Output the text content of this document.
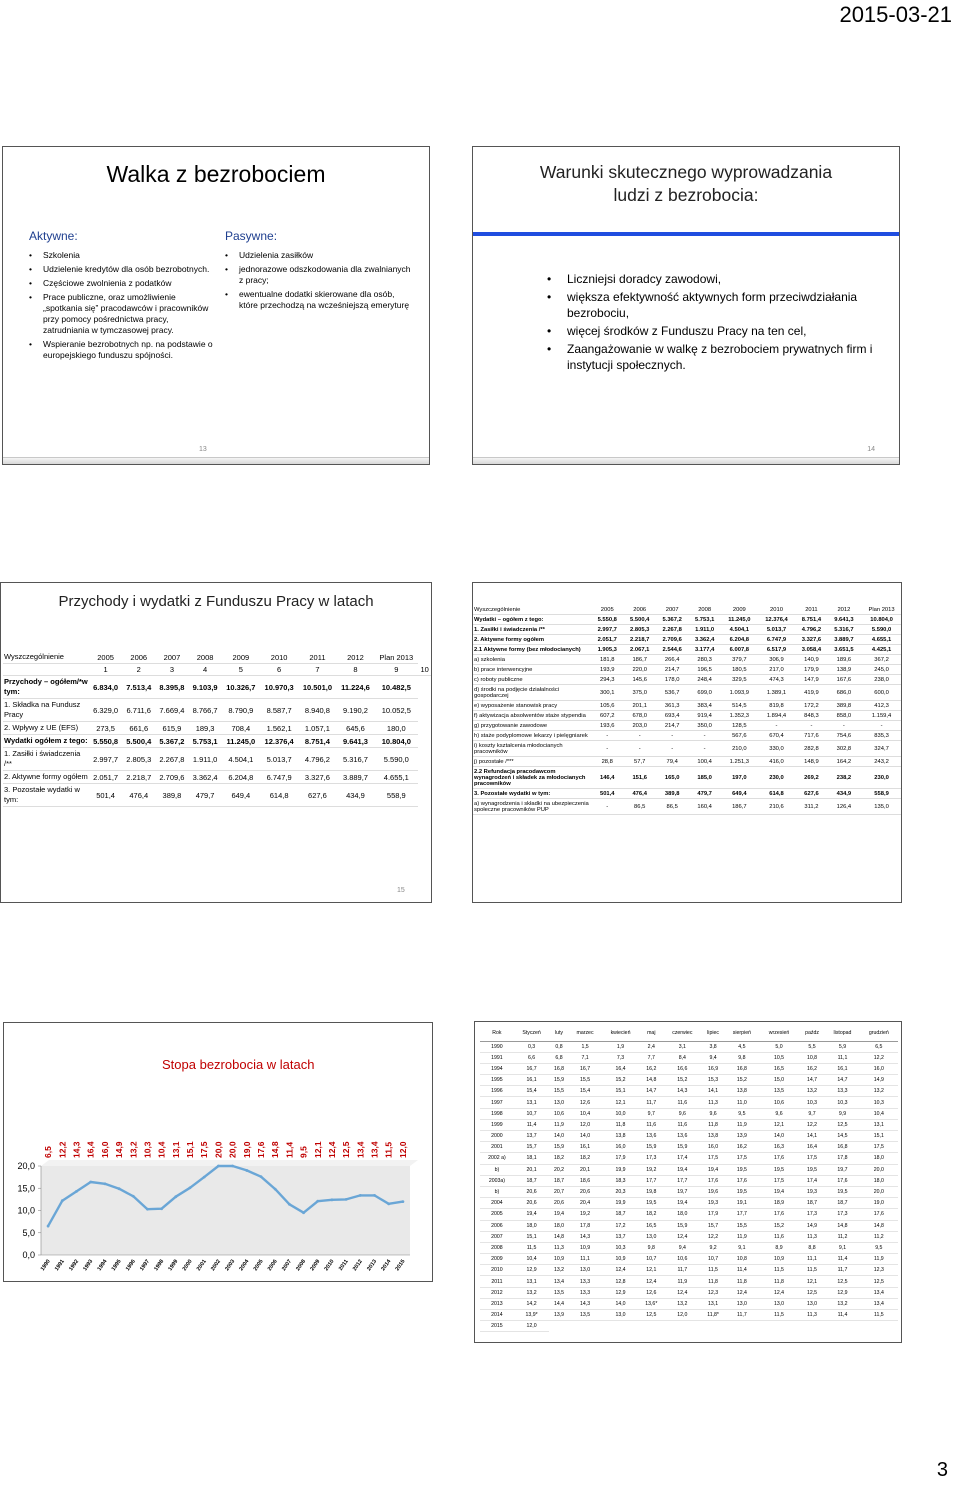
2015-03-21
Walka z bezrobociem
Aktywne:
• Szkolenia
• Udzielenie kredytów dla osób bezrobotnych.
• Częściowe zwolnienia z podatków
• Prace publiczne, oraz umożliwienie „spotkania się” pracodawców i pracowników przy pomocy pośrednictwa pracy, zatrudniania w tymczasowej pracy.
• Wspieranie bezrobotnych np. na podstawie o europejskiego funduszu spójności.
Pasywne:
• Udzielenia zasiłków
• jednorazowe odszkodowania dla zwalnianych z pracy;
• ewentualne dodatki skierowane dla osób, które przechodzą na wcześniejszą emeryturę
13
Warunki skutecznego wyprowadzania
ludzi z bezrobocia:
• Liczniejsi doradcy zawodowi,
• większa efektywność aktywnych form przeciwdziałania bezrobociu,
• więcej środków z Funduszu Pracy na ten cel,
• Zaangażowanie w walkę z bezrobociem prywatnych firm i instytucji społecznych.
14
Przychody i wydatki z Funduszu Pracy w latach
Wyszczególnienie	2005	2006	2007	2008	2009	2010	2011	2012	Plan 2013	
	1	2	3	4	5	6	7	8	9	10
Przychody – ogółem/*w tym:	6.834,0	7.513,4	8.395,8	9.103,9	10.326,7	10.970,3	10.501,0	11.224,6	10.482,5	
1. Składka na Fundusz Pracy	6.329,0	6.711,6	7.669,4	8.766,7	8.790,9	8.587,7	8.940,8	9.190,2	10.052,5	
2. Wpływy z UE (EFS)	273,5	661,6	615,9	189,3	708,4	1.562,1	1.057,1	645,6	180,0	
Wydatki ogółem z tego:	5.550,8	5.500,4	5.367,2	5.753,1	11.245,0	12.376,4	8.751,4	9.641,3	10.804,0	
1. Zasiłki i świadczenia /**	2.997,7	2.805,3	2.267,8	1.911,0	4.504,1	5.013,7	4.796,2	5.316,7	5.590,0	
2. Aktywne formy ogółem	2.051,7	2.218,7	2.709,6	3.362,4	6.204,8	6.747,9	3.327,6	3.889,7	4.655,1	
3. Pozostałe wydatki w tym:	501,4	476,4	389,8	479,7	649,4	614,8	627,6	434,9	558,9	
15
Wyszczególnienie	2005	2006	2007	2008	2009	2010	2011	2012	Plan 2013
Wydatki – ogółem z tego:	5.550,8	5.500,4	5.367,2	5.753,1	11.245,0	12.376,4	8.751,4	9.641,3	10.804,0
1. Zasiłki i świadczenia /**	2.997,7	2.805,3	2.267,8	1.911,0	4.504,1	5.013,7	4.796,2	5.316,7	5.590,0
2. Aktywne formy ogółem	2.051,7	2.218,7	2.709,6	3.362,4	6.204,8	6.747,9	3.327,6	3.889,7	4.655,1
2.1 Aktywne formy (bez młodocianych)	1.905,3	2.067,1	2.544,6	3.177,4	6.007,8	6.517,9	3.058,4	3.651,5	4.425,1
a) szkolenia	181,8	186,7	266,4	280,3	379,7	306,9	140,9	189,6	367,2
b) prace interwencyjne	193,9	220,0	214,7	196,5	180,5	217,0	179,9	138,9	245,0
c) roboty publiczne	294,3	145,6	178,0	248,4	329,5	474,3	147,9	167,6	238,0
d) środki na podjęcie działalności gospodarczej	300,1	375,0	536,7	699,0	1.093,9	1.389,1	419,9	686,0	600,0
e) wyposażenie stanowisk pracy	105,6	201,1	361,3	383,4	514,5	819,8	172,2	389,8	412,3
f) aktywizacja absolwentów staże stypendia	607,2	678,0	693,4	919,4	1.352,3	1.894,4	848,3	858,0	1.159,4
g) przygotowanie zawodowe	193,6	203,0	214,7	350,0	128,5	-	-	-	-
h) staże podyplomowe lekarzy i pielęgniarek	-	-	-	-	567,6	670,4	717,6	754,6	835,3
i) koszty kształcenia młodocianych pracowników	-	-	-	-	210,0	330,0	282,8	302,8	324,7
j) pozostałe /***	28,8	57,7	79,4	100,4	1.251,3	416,0	148,9	164,2	243,2
2.2 Refundacja pracodawcom wynagrodzeń i składek za młodocianych pracowników	146,4	151,6	165,0	185,0	197,0	230,0	269,2	238,2	230,0
3. Pozostałe wydatki w tym:	501,4	476,4	389,8	479,7	649,4	614,8	627,6	434,9	558,9
a) wynagrodzenia i składki na ubezpieczenia społeczne pracowników PUP	-	86,5	86,5	160,4	186,7	210,6	311,2	126,4	135,0
0,0
5,0
10,0
15,0
20,0
6,5 12,2 14,3 16,4 16,0 14,9 13,2 10,3 10,4 13,1 15,1 17,5 20,0 20,0 19,0 17,6 14,8 11,4 9,5 12,1 12,4 12,5 13,4 13,4 11,5 12,0
1990 1991 1992 1993 1994 1995 1996 1997 1998 1999 2000 2001 2002 2003 2004 2005 2006 2007 2008 2009 2010 2011 2012 2013 2014 2015
Stopa bezrobocia w latach
Rok	Styczeń	luty	marzec	kwiecień	maj	czerwiec	lipiec	sierpień	wrzesień	paźdz	listopad	grudzień
1990	0,3	0,8	1,5	1,9	2,4	3,1	3,8	4,5	5,0	5,5	5,9	6,5
1991	6,6	6,8	7,1	7,3	7,7	8,4	9,4	9,8	10,5	10,8	11,1	12,2
1994	16,7	16,8	16,7	16,4	16,2	16,6	16,9	16,8	16,5	16,2	16,1	16,0
1995	16,1	15,9	15,5	15,2	14,8	15,2	15,3	15,2	15,0	14,7	14,7	14,9
1996	15,4	15,5	15,4	15,1	14,7	14,3	14,1	13,8	13,5	13,2	13,3	13,2
1997	13,1	13,0	12,6	12,1	11,7	11,6	11,3	11,0	10,6	10,3	10,3	10,3
1998	10,7	10,6	10,4	10,0	9,7	9,6	9,6	9,5	9,6	9,7	9,9	10,4
1999	11,4	11,9	12,0	11,8	11,6	11,6	11,8	11,9	12,1	12,2	12,5	13,1
2000	13,7	14,0	14,0	13,8	13,6	13,6	13,8	13,9	14,0	14,1	14,5	15,1
2001	15,7	15,9	16,1	16,0	15,9	15,9	16,0	16,2	16,3	16,4	16,8	17,5
2002 a)	18,1	18,2	18,2	17,9	17,3	17,4	17,5	17,5	17,6	17,5	17,8	18,0
b)	20,1	20,2	20,1	19,9	19,2	19,4	19,4	19,5	19,5	19,5	19,7	20,0
2003a)	18,7	18,7	18,6	18,3	17,7	17,7	17,6	17,6	17,5	17,4	17,6	18,0
b)	20,6	20,7	20,6	20,3	19,8	19,7	19,6	19,5	19,4	19,3	19,5	20,0
2004	20,6	20,6	20,4	19,9	19,5	19,4	19,3	19,1	18,9	18,7	18,7	19,0
2005	19,4	19,4	19,2	18,7	18,2	18,0	17,9	17,7	17,6	17,3	17,3	17,6
2006	18,0	18,0	17,8	17,2	16,5	15,9	15,7	15,5	15,2	14,9	14,8	14,8
2007	15,1	14,8	14,3	13,7	13,0	12,4	12,2	11,9	11,6	11,3	11,2	11,2
2008	11,5	11,3	10,9	10,3	9,8	9,4	9,2	9,1	8,9	8,8	9,1	9,5
2009	10,4	10,9	11,1	10,9	10,7	10,6	10,7	10,8	10,9	11,1	11,4	11,9
2010	12,9	13,2	13,0	12,4	12,1	11,7	11,5	11,4	11,5	11,5	11,7	12,3
2011	13,1	13,4	13,3	12,8	12,4	11,9	11,8	11,8	11,8	12,1	12,5	12,5
2012	13,2	13,5	13,3	12,9	12,6	12,4	12,3	12,4	12,4	12,5	12,9	13,4
2013	14,2	14,4	14,3	14,0	13,6*	13,2	13,1	13,0	13,0	13,0	13,2	13,4
2014	13,9*	13,9	13,5	13,0	12,5	12,0	11,8*	11,7	11,5	11,3	11,4	11,5
2015	12,0											
3
